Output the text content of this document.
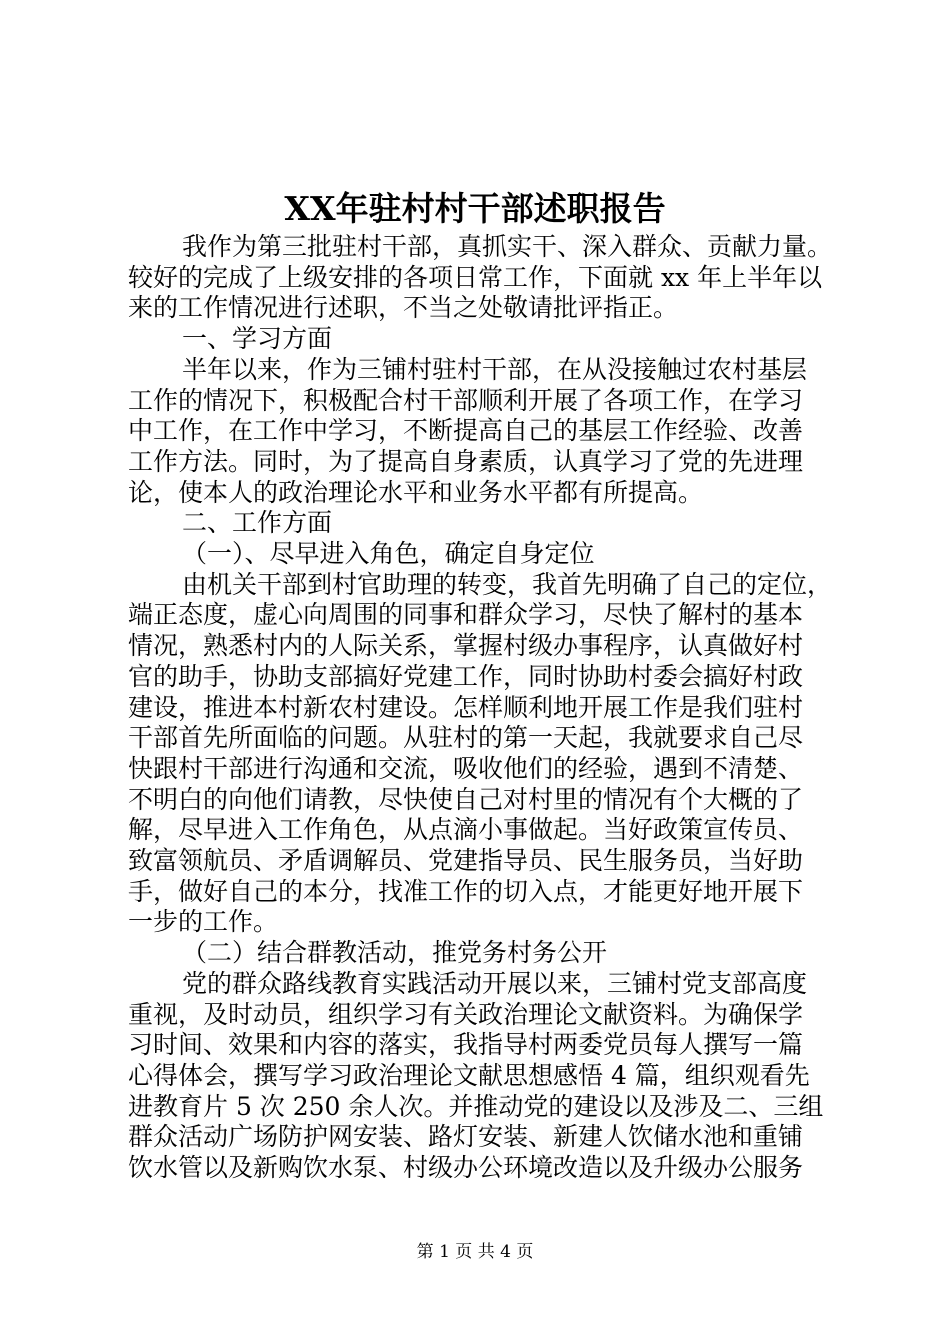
XX年驻村村干部述职报告

我作为第三批驻村干部，真抓实干、深入群众、贡献力量。

较好的完成了上级安排的各项日常工作，下面就 xx 年上半年以

来的工作情况进行述职，不当之处敬请批评指正。

一、学习方面

半年以来，作为三铺村驻村干部，在从没接触过农村基层

工作的情况下，积极配合村干部顺利开展了各项工作，在学习

中工作，在工作中学习，不断提高自己的基层工作经验、改善

工作方法。同时，为了提高自身素质，认真学习了党的先进理

论，使本人的政治理论水平和业务水平都有所提高。

二、工作方面

（一）、尽早进入角色，确定自身定位

由机关干部到村官助理的转变，我首先明确了自己的定位，

端正态度，虚心向周围的同事和群众学习，尽快了解村的基本

情况，熟悉村内的人际关系，掌握村级办事程序，认真做好村

官的助手，协助支部搞好党建工作，同时协助村委会搞好村政

建设，推进本村新农村建设。怎样顺利地开展工作是我们驻村

干部首先所面临的问题。从驻村的第一天起，我就要求自己尽

快跟村干部进行沟通和交流，吸收他们的经验，遇到不清楚、

不明白的向他们请教，尽快使自己对村里的情况有个大概的了

解，尽早进入工作角色，从点滴小事做起。当好政策宣传员、

致富领航员、矛盾调解员、党建指导员、民生服务员，当好助

手，做好自己的本分，找准工作的切入点，才能更好地开展下

一步的工作。

（二）结合群教活动，推党务村务公开

党的群众路线教育实践活动开展以来，三铺村党支部高度

重视，及时动员，组织学习有关政治理论文献资料。为确保学

习时间、效果和内容的落实，我指导村两委党员每人撰写一篇

心得体会，撰写学习政治理论文献思想感悟 4 篇，组织观看先

进教育片 5 次 250 余人次。并推动党的建设以及涉及二、三组

群众活动广场防护网安装、路灯安装、新建人饮储水池和重铺

饮水管以及新购饮水泵、村级办公环境改造以及升级办公服务

第 1 页 共 4 页
